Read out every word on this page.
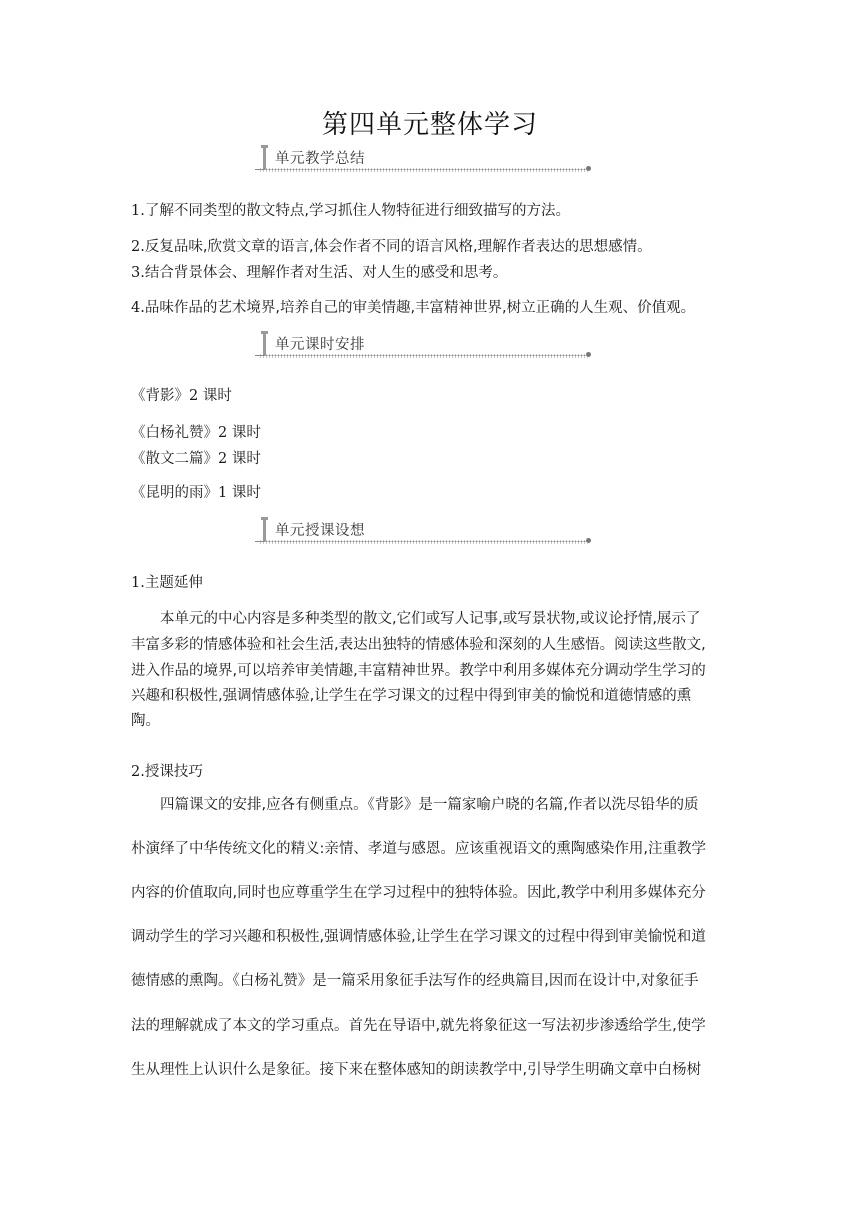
第四单元整体学习
单元教学总结
1.了解不同类型的散文特点,学习抓住人物特征进行细致描写的方法。
2.反复品味,欣赏文章的语言,体会作者不同的语言风格,理解作者表达的思想感情。
3.结合背景体会、理解作者对生活、对人生的感受和思考。
4.品味作品的艺术境界,培养自己的审美情趣,丰富精神世界,树立正确的人生观、价值观。
单元课时安排
《背影》2 课时
《白杨礼赞》2 课时
《散文二篇》2 课时
《昆明的雨》1 课时
单元授课设想
1.主题延伸
本单元的中心内容是多种类型的散文,它们或写人记事,或写景状物,或议论抒情,展示了
丰富多彩的情感体验和社会生活,表达出独特的情感体验和深刻的人生感悟。阅读这些散文,
进入作品的境界,可以培养审美情趣,丰富精神世界。教学中利用多媒体充分调动学生学习的
兴趣和积极性,强调情感体验,让学生在学习课文的过程中得到审美的愉悦和道德情感的熏
陶。
2.授课技巧
四篇课文的安排,应各有侧重点。《背影》是一篇家喻户晓的名篇,作者以洗尽铅华的质
朴演绎了中华传统文化的精义:亲情、孝道与感恩。应该重视语文的熏陶感染作用,注重教学
内容的价值取向,同时也应尊重学生在学习过程中的独特体验。因此,教学中利用多媒体充分
调动学生的学习兴趣和积极性,强调情感体验,让学生在学习课文的过程中得到审美愉悦和道
德情感的熏陶。《白杨礼赞》是一篇采用象征手法写作的经典篇目,因而在设计中,对象征手
法的理解就成了本文的学习重点。首先在导语中,就先将象征这一写法初步渗透给学生,使学
生从理性上认识什么是象征。接下来在整体感知的朗读教学中,引导学生明确文章中白杨树
